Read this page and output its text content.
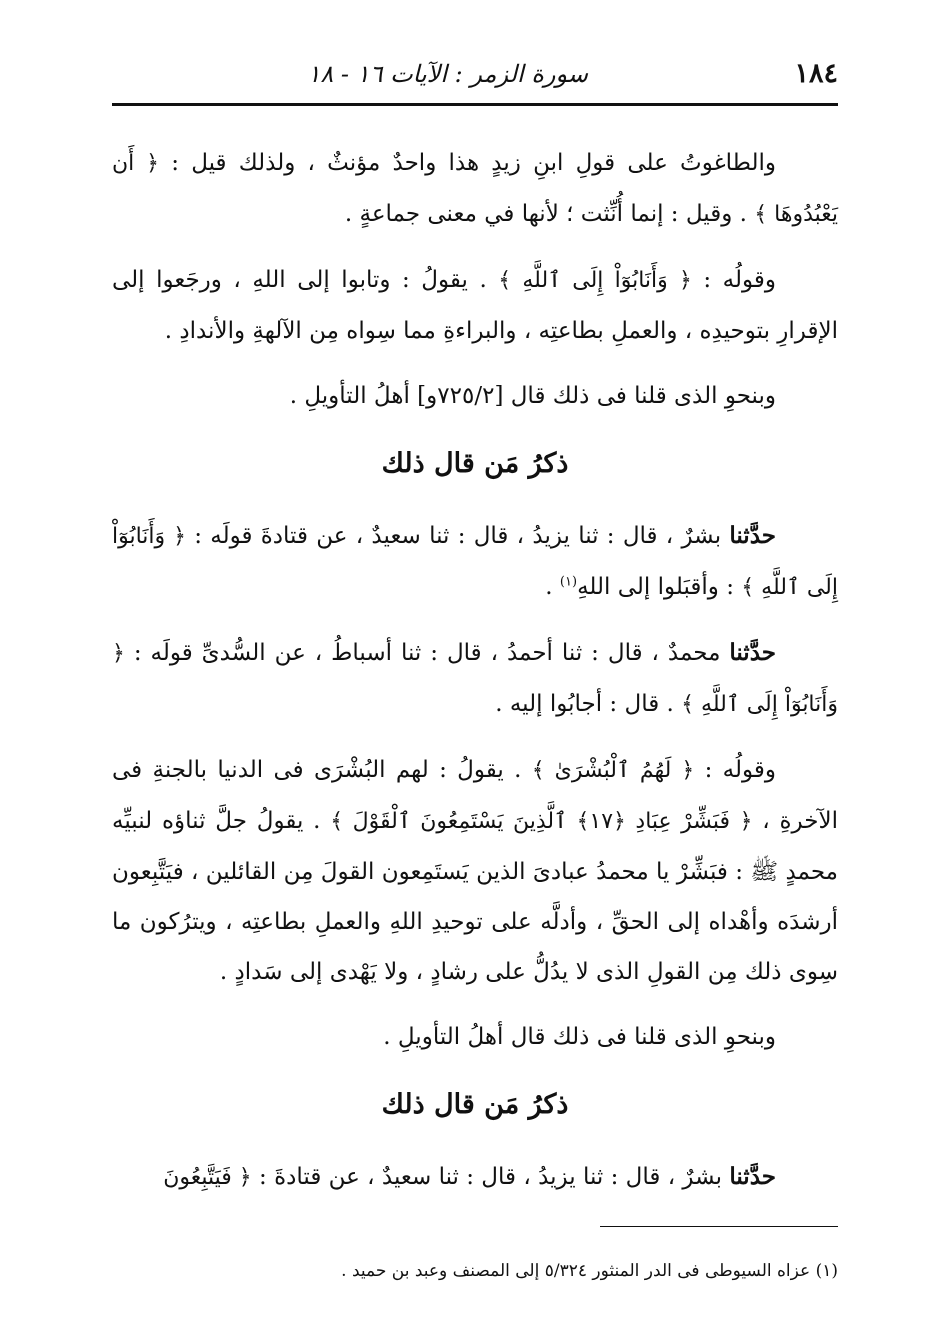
١٨٤
سورة الزمر : الآيات ١٦ - ١٨

والطاغوتُ على قولِ ابنِ زيدٍ هذا واحدٌ مؤنثٌ ، ولذلك قيل : ﴿ أَن يَعْبُدُوهَا ﴾ . وقيل : إنما أُنِّثت ؛ لأنها في معنى جماعةٍ .

وقولُه : ﴿ وَأَنَابُوٓاْ إِلَى ٱللَّهِ ﴾ . يقولُ : وتابوا إلى اللهِ ، ورجَعوا إلى الإقرارِ بتوحيدِه ، والعملِ بطاعتِه ، والبراءةِ مما سِواه مِن الآلهةِ والأندادِ .

وبنحوِ الذى قلنا فى ذلك قال [٧٢٥/٢و] أهلُ التأويلِ .

ذكرُ مَن قال ذلك

حدَّثنا بشرٌ ، قال : ثنا يزيدُ ، قال : ثنا سعيدٌ ، عن قتادةَ قولَه : ﴿ وَأَنَابُوٓاْ إِلَى ٱللَّهِ ﴾ : وأقبَلوا إلى اللهِ$^{(١)}$ .

حدَّثنا محمدٌ ، قال : ثنا أحمدُ ، قال : ثنا أسباطُ ، عن السُّدىِّ قولَه : ﴿ وَأَنَابُوٓاْ إِلَى ٱللَّهِ ﴾ . قال : أجابُوا إليه .

وقولُه : ﴿ لَهُمُ ٱلْبُشْرَىٰ ﴾ . يقولُ : لهم البُشْرَى فى الدنيا بالجنةِ فى الآخرةِ ، ﴿ فَبَشِّرْ عِبَادِ ﴿١٧﴾ ٱلَّذِينَ يَسْتَمِعُونَ ٱلْقَوْلَ ﴾ . يقولُ جلَّ ثناؤه لنبيِّه محمدٍ ﷺ : فبَشِّرْ يا محمدُ عبادىَ الذين يَستَمِعون القولَ مِن القائلين ، فيَتَّبِعون أرشدَه وأهْداه إلى الحقِّ ، وأدلَّه على توحيدِ اللهِ والعملِ بطاعتِه ، ويترُكون ما سِوى ذلك مِن القولِ الذى لا يدُلُّ على رشادٍ ، ولا يَهْدى إلى سَدادٍ .

وبنحوِ الذى قلنا فى ذلك قال أهلُ التأويلِ .

ذكرُ مَن قال ذلك

حدَّثنا بشرٌ ، قال : ثنا يزيدُ ، قال : ثنا سعيدٌ ، عن قتادةَ : ﴿ فَيَتَّبِعُونَ

(١) عزاه السيوطى فى الدر المنثور ٥/٣٢٤ إلى المصنف وعبد بن حميد .
